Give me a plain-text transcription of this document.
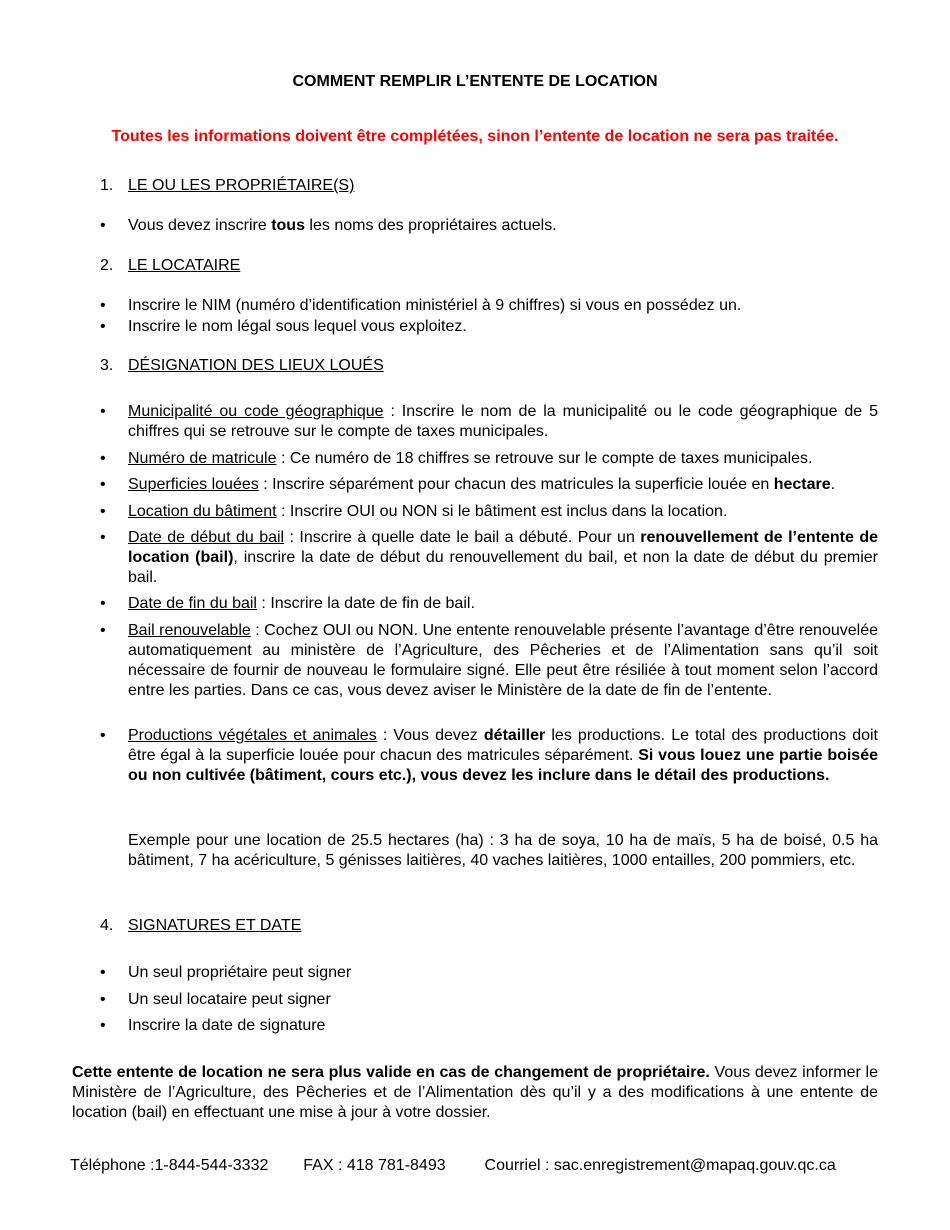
COMMENT REMPLIR L’ENTENTE DE LOCATION
Toutes les informations doivent être complétées, sinon l’entente de location ne sera pas traitée.
1. LE OU LES PROPRIÉTAIRE(S)
•	Vous devez inscrire tous les noms des propriétaires actuels.
2. LE LOCATAIRE
•	Inscrire le NIM (numéro d’identification ministériel à 9 chiffres) si vous en possédez un.
•	Inscrire le nom légal sous lequel vous exploitez.
3. DÉSIGNATION DES LIEUX LOUÉS
•	Municipalité ou code géographique : Inscrire le nom de la municipalité ou le code géographique de 5 chiffres qui se retrouve sur le compte de taxes municipales.
•	Numéro de matricule : Ce numéro de 18 chiffres se retrouve sur le compte de taxes municipales.
•	Superficies louées : Inscrire séparément pour chacun des matricules la superficie louée en hectare.
•	Location du bâtiment : Inscrire OUI ou NON si le bâtiment est inclus dans la location.
•	Date de début du bail : Inscrire à quelle date le bail a débuté. Pour un renouvellement de l’entente de location (bail), inscrire la date de début du renouvellement du bail, et non la date de début du premier bail.
•	Date de fin du bail : Inscrire la date de fin de bail.
•	Bail renouvelable : Cochez OUI ou NON. Une entente renouvelable présente l’avantage d’être renouvelée automatiquement au ministère de l’Agriculture, des Pêcheries et de l’Alimentation sans qu’il soit nécessaire de fournir de nouveau le formulaire signé. Elle peut être résiliée à tout moment selon l’accord entre les parties. Dans ce cas, vous devez aviser le Ministère de la date de fin de l’entente.
•	Productions végétales et animales : Vous devez détailler les productions. Le total des productions doit être égal à la superficie louée pour chacun des matricules séparément. Si vous louez une partie boisée ou non cultivée (bâtiment, cours etc.), vous devez les inclure dans le détail des productions.
Exemple pour une location de 25.5 hectares (ha) : 3 ha de soya, 10 ha de maïs, 5 ha de boisé, 0.5 ha bâtiment, 7 ha acériculture, 5 génisses laitières, 40 vaches laitières, 1000 entailles, 200 pommiers, etc.
4. SIGNATURES ET DATE
•	Un seul propriétaire peut signer
•	Un seul locataire peut signer
•	Inscrire la date de signature
Cette entente de location ne sera plus valide en cas de changement de propriétaire. Vous devez informer le Ministère de l’Agriculture, des Pêcheries et de l’Alimentation dès qu’il y a des modifications à une entente de location (bail) en effectuant une mise à jour à votre dossier.
Téléphone :1-844-544-3332 FAX : 418 781-8493 Courriel : sac.enregistrement@mapaq.gouv.qc.ca
